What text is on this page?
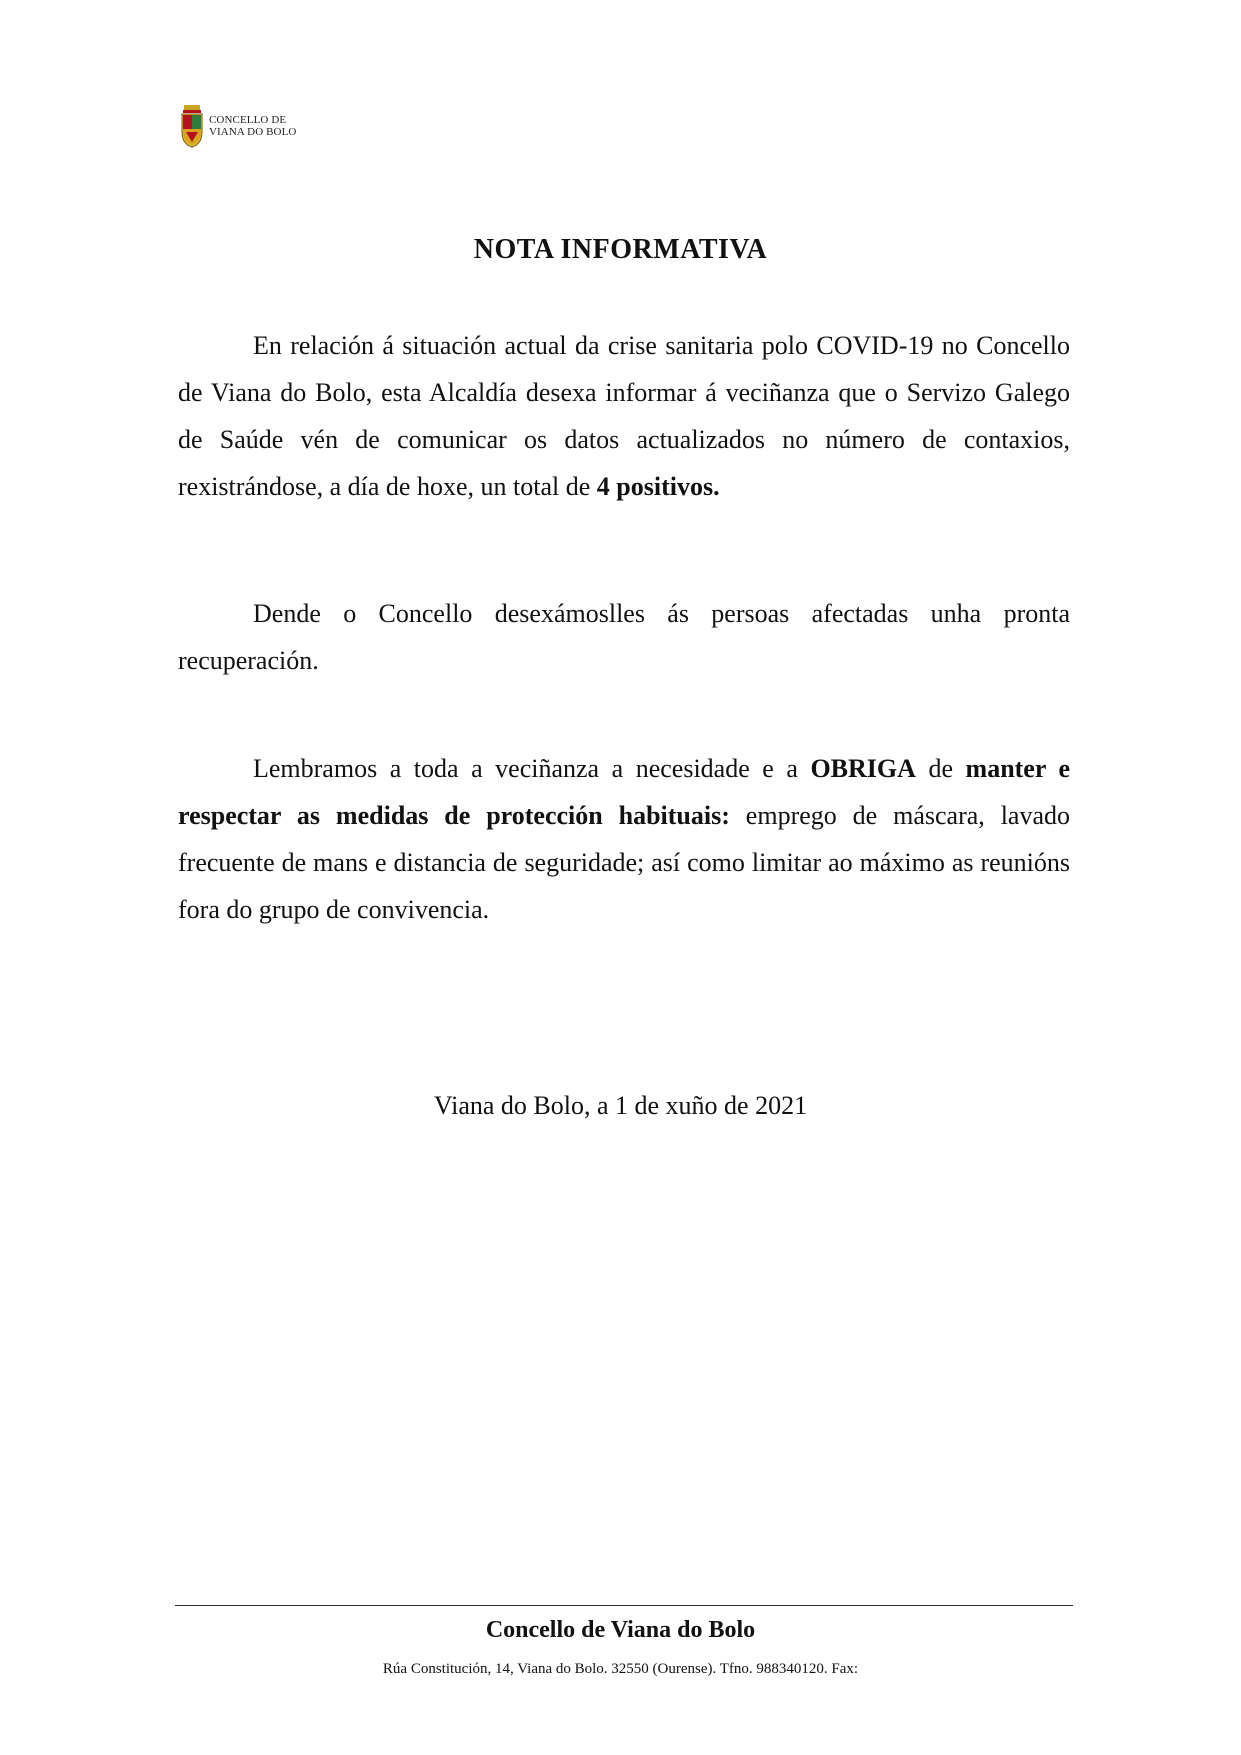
CONCELLO DE
VIANA DO BOLO
NOTA INFORMATIVA

En relación á situación actual da crise sanitaria polo COVID-19 no Concello de Viana do Bolo, esta Alcaldía desexa informar á veciñanza que o Servizo Galego de Saúde vén de comunicar os datos actualizados no número de contaxios, rexistrándose, a día de hoxe, un total de 4 positivos.

Dende o Concello desexámoslles ás persoas afectadas unha pronta recuperación.

Lembramos a toda a veciñanza a necesidade e a OBRIGA de manter e respectar as medidas de protección habituais: emprego de máscara, lavado frecuente de mans e distancia de seguridade; así como limitar ao máximo as reunións fora do grupo de convivencia.

Viana do Bolo, a 1 de xuño de 2021
Concello de Viana do Bolo
Rúa Constitución, 14, Viana do Bolo. 32550 (Ourense). Tfno. 988340120. Fax:
